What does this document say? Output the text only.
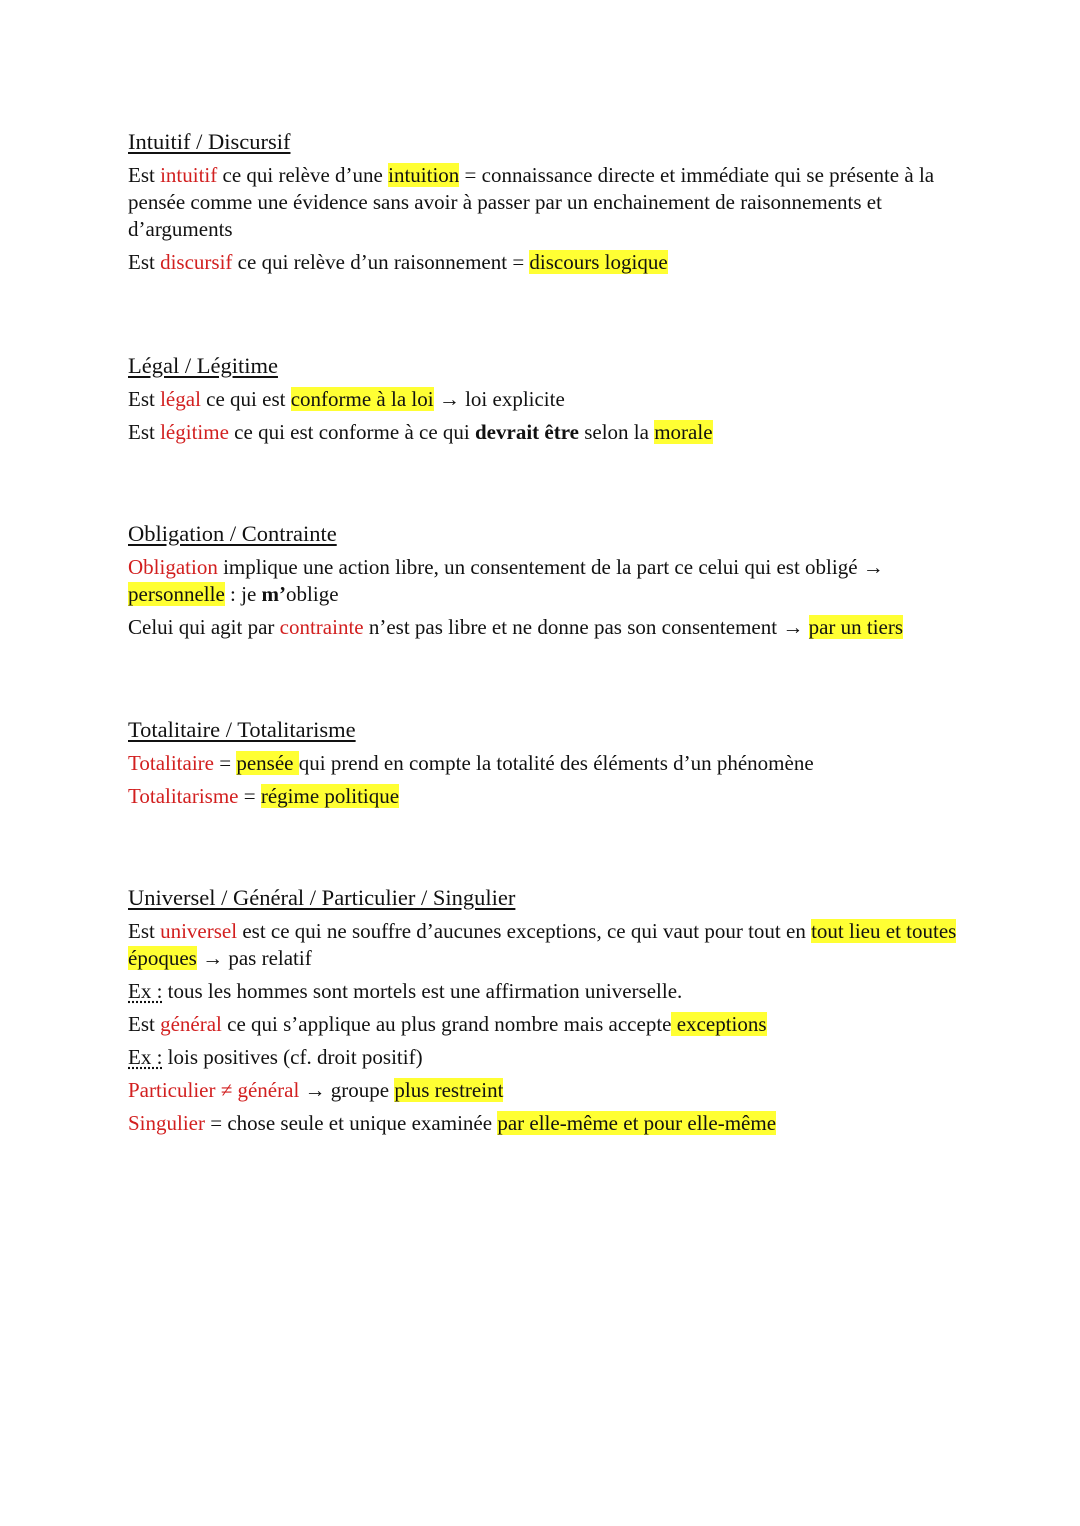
Intuitif / Discursif
Est intuitif ce qui relève d’une intuition = connaissance directe et immédiate qui se présente à la pensée comme une évidence sans avoir à passer par un enchainement de raisonnements et d’arguments
Est discursif ce qui relève d’un raisonnement = discours logique
Légal / Légitime
Est légal ce qui est conforme à la loi → loi explicite
Est légitime ce qui est conforme à ce qui devrait être selon la morale
Obligation / Contrainte
Obligation implique une action libre, un consentement de la part ce celui qui est obligé → personnelle : je m’oblige
Celui qui agit par contrainte n’est pas libre et ne donne pas son consentement → par un tiers
Totalitaire / Totalitarisme
Totalitaire = pensée qui prend en compte la totalité des éléments d’un phénomène
Totalitarisme = régime politique
Universel / Général / Particulier / Singulier
Est universel est ce qui ne souffre d’aucunes exceptions, ce qui vaut pour tout en tout lieu et toutes époques → pas relatif
Ex : tous les hommes sont mortels est une affirmation universelle.
Est général ce qui s’applique au plus grand nombre mais accepte exceptions
Ex : lois positives (cf. droit positif)
Particulier ≠ général → groupe plus restreint
Singulier = chose seule et unique examinée par elle-même et pour elle-même
